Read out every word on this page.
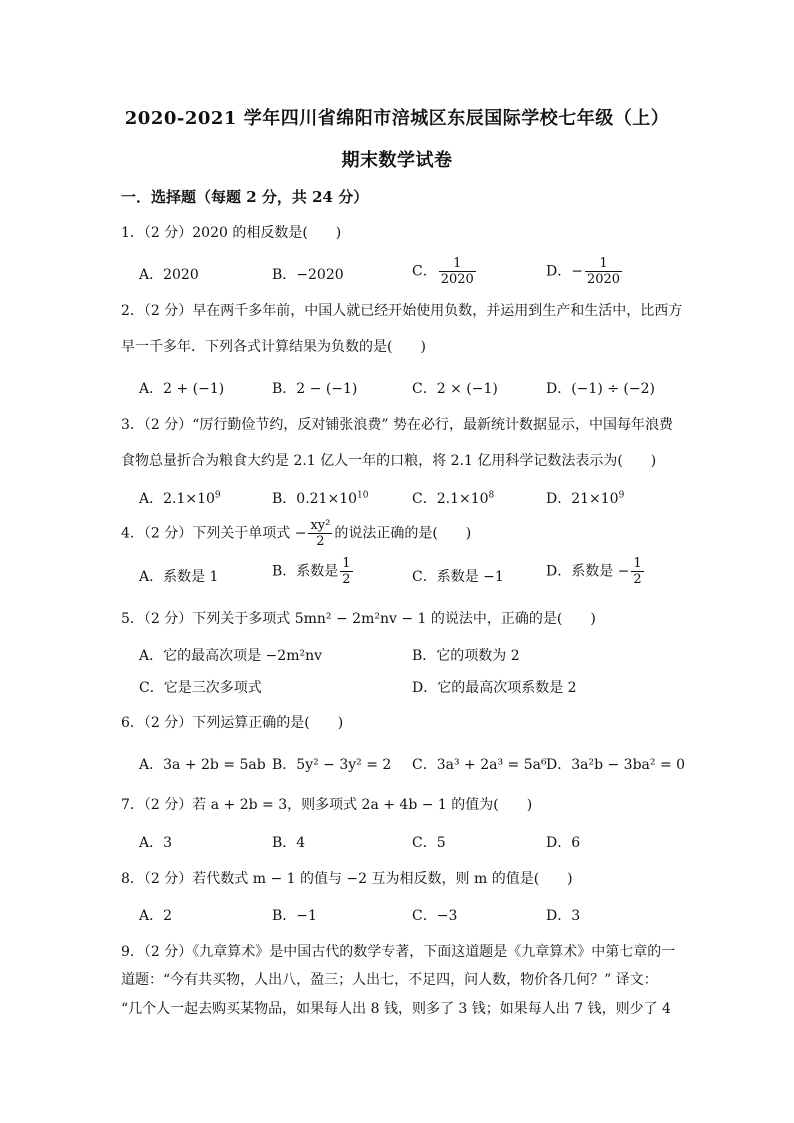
2020-2021 学年四川省绵阳市涪城区东辰国际学校七年级（上）
期末数学试卷
一．选择题（每题 2 分，共 24 分）
1．（2 分）2020 的相反数是(　　)
A．2020	B．−2020	C． $\frac{1}{2020}$	D．− $\frac{1}{2020}$
2．（2 分）早在两千多年前，中国人就已经开始使用负数，并运用到生产和生活中，比西方
早一千多年．下列各式计算结果为负数的是(　　)
A．2 + (−1)	B．2 − (−1)	C．2 × (−1)	D．(−1) ÷ (−2)
3．（2 分）“厉行勤俭节约，反对铺张浪费” 势在必行，最新统计数据显示，中国每年浪费
食物总量折合为粮食大约是 2.1 亿人一年的口粮，将 2.1 亿用科学记数法表示为(　　)
A．$2.1\times 10^9$	B．$0.21\times 10^{10}$	C．$2.1\times 10^8$	D．$21\times 10^9$
4．（2 分）下列关于单项式 − $\frac{\text{xy²}}{2}$ 的说法正确的是(　　)
A．系数是 1	B．系数是 $\frac{1}{2}$	C．系数是 −1	D．系数是 − $\frac{1}{2}$
5．（2 分）下列关于多项式 5mn² − 2m²nv − 1 的说法中，正确的是(　　)
A．它的最高次项是 −2m²nv	B．它的项数为 2
C．它是三次多项式	D．它的最高次项系数是 2
6．（2 分）下列运算正确的是(　　)
A．3a + 2b = 5ab B．5y² − 3y² = 2 C．3a³ + 2a³ = 5a⁶ D．3a²b − 3ba² = 0
7．（2 分）若 a + 2b = 3，则多项式 2a + 4b − 1 的值为(　　)
A．3	B．4	C．5	D．6
8．（2 分）若代数式 m − 1 的值与 −2 互为相反数，则 m 的值是(　　)
A．2	B．−1	C．−3	D．3
9．（2 分）《九章算术》是中国古代的数学专著，下面这道题是《九章算术》中第七章的一
道题：“今有共买物，人出八，盈三；人出七，不足四，问人数，物价各几何？” 译文：
“几个人一起去购买某物品，如果每人出 8 钱，则多了 3 钱；如果每人出 7 钱，则少了 4
